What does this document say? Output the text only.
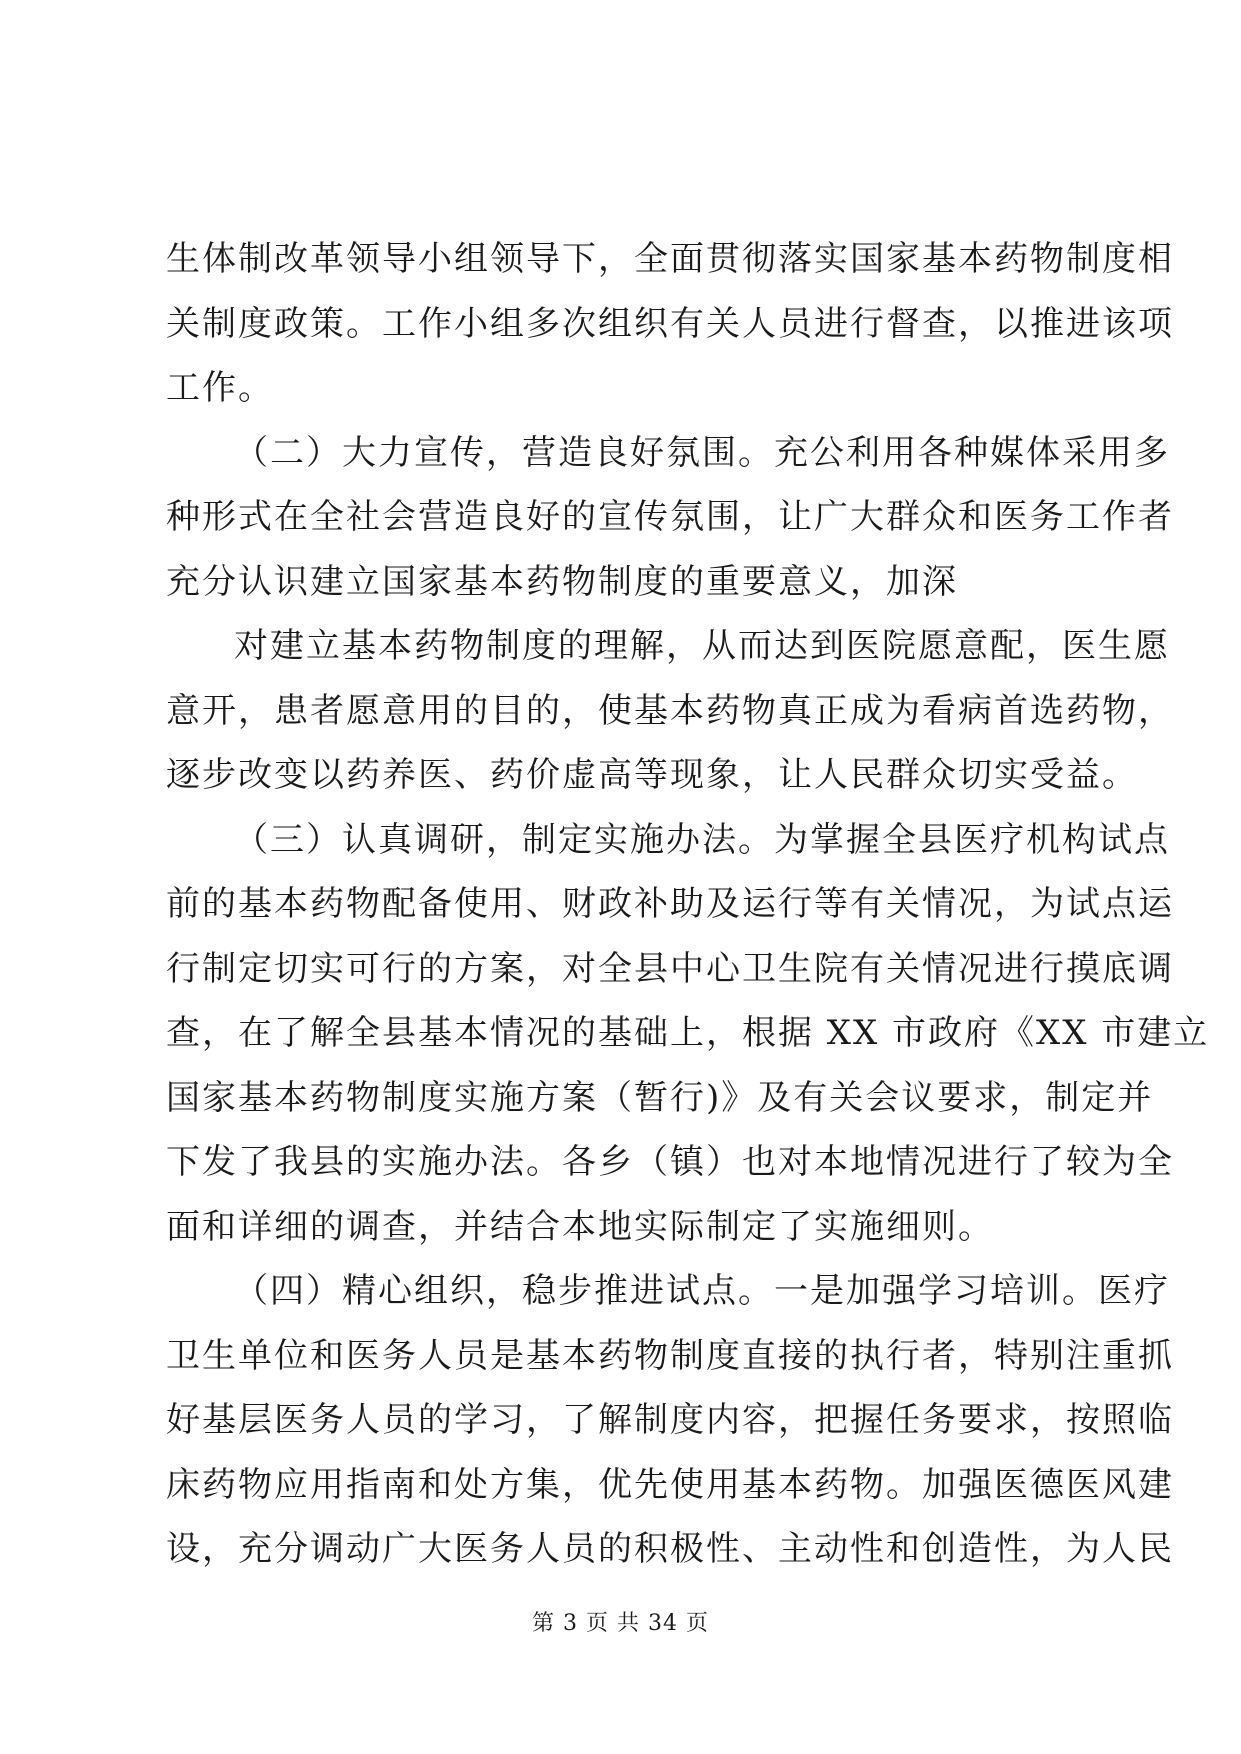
生体制改革领导小组领导下，全面贯彻落实国家基本药物制度相
关制度政策。工作小组多次组织有关人员进行督查，以推进该项
工作。
（二）大力宣传，营造良好氛围。充公利用各种媒体采用多
种形式在全社会营造良好的宣传氛围，让广大群众和医务工作者
充分认识建立国家基本药物制度的重要意义，加深
对建立基本药物制度的理解，从而达到医院愿意配，医生愿
意开，患者愿意用的目的，使基本药物真正成为看病首选药物，
逐步改变以药养医、药价虚高等现象，让人民群众切实受益。
（三）认真调研，制定实施办法。为掌握全县医疗机构试点
前的基本药物配备使用、财政补助及运行等有关情况，为试点运
行制定切实可行的方案，对全县中心卫生院有关情况进行摸底调
查，在了解全县基本情况的基础上，根据 XX 市政府《XX 市建立
国家基本药物制度实施方案（暂行)》及有关会议要求，制定并
下发了我县的实施办法。各乡（镇）也对本地情况进行了较为全
面和详细的调查，并结合本地实际制定了实施细则。
（四）精心组织，稳步推进试点。一是加强学习培训。医疗
卫生单位和医务人员是基本药物制度直接的执行者，特别注重抓
好基层医务人员的学习，了解制度内容，把握任务要求，按照临
床药物应用指南和处方集，优先使用基本药物。加强医德医风建
设，充分调动广大医务人员的积极性、主动性和创造性，为人民
第 3 页 共 34 页
